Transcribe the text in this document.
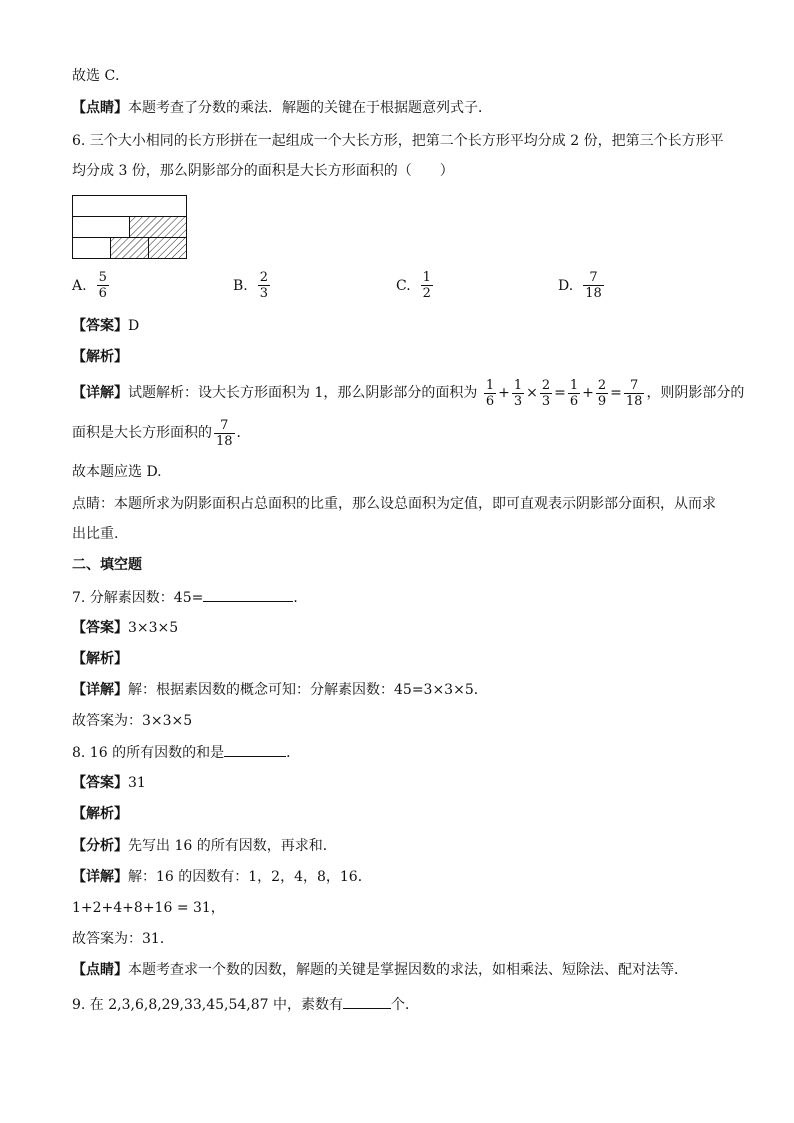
故选 C．
【点睛】本题考查了分数的乘法．解题的关键在于根据题意列式子．
6. 三个大小相同的长方形拼在一起组成一个大长方形，把第二个长方形平均分成 2 份，把第三个长方形平
均分成 3 份，那么阴影部分的面积是大长方形面积的（　　）
A. $\frac{5}{6}$	B. $\frac{2}{3}$	C. $\frac{1}{2}$	D. $\frac{7}{18}$
【答案】D
【解析】
【详解】试题解析：设大长方形面积为 1，那么阴影部分的面积为 $\frac{1}{6} + \frac{1}{3} \times \frac{2}{3} = \frac{1}{6} + \frac{2}{9} = \frac{7}{18}$ ，则阴影部分的
面积是大长方形面积的 $\frac{7}{18}$ ．
故本题应选 D.
点睛：本题所求为阴影面积占总面积的比重，那么设总面积为定值，即可直观表示阴影部分面积，从而求
出比重.
二、填空题
7. 分解素因数：45=	．
【答案】3×3×5
【解析】
【详解】解：根据素因数的概念可知：分解素因数：45=3×3×5．
故答案为：3×3×5
8. 16 的所有因数的和是	．
【答案】31
【解析】
【分析】先写出 16 的所有因数，再求和．
【详解】解：16 的因数有：1，2，4，8，16．
1+2+4+8+16 = 31，
故答案为：31．
【点睛】本题考查求一个数的因数，解题的关键是掌握因数的求法，如相乘法、短除法、配对法等．
9. 在 2,3,6,8,29,33,45,54,87 中，素数有	个．
